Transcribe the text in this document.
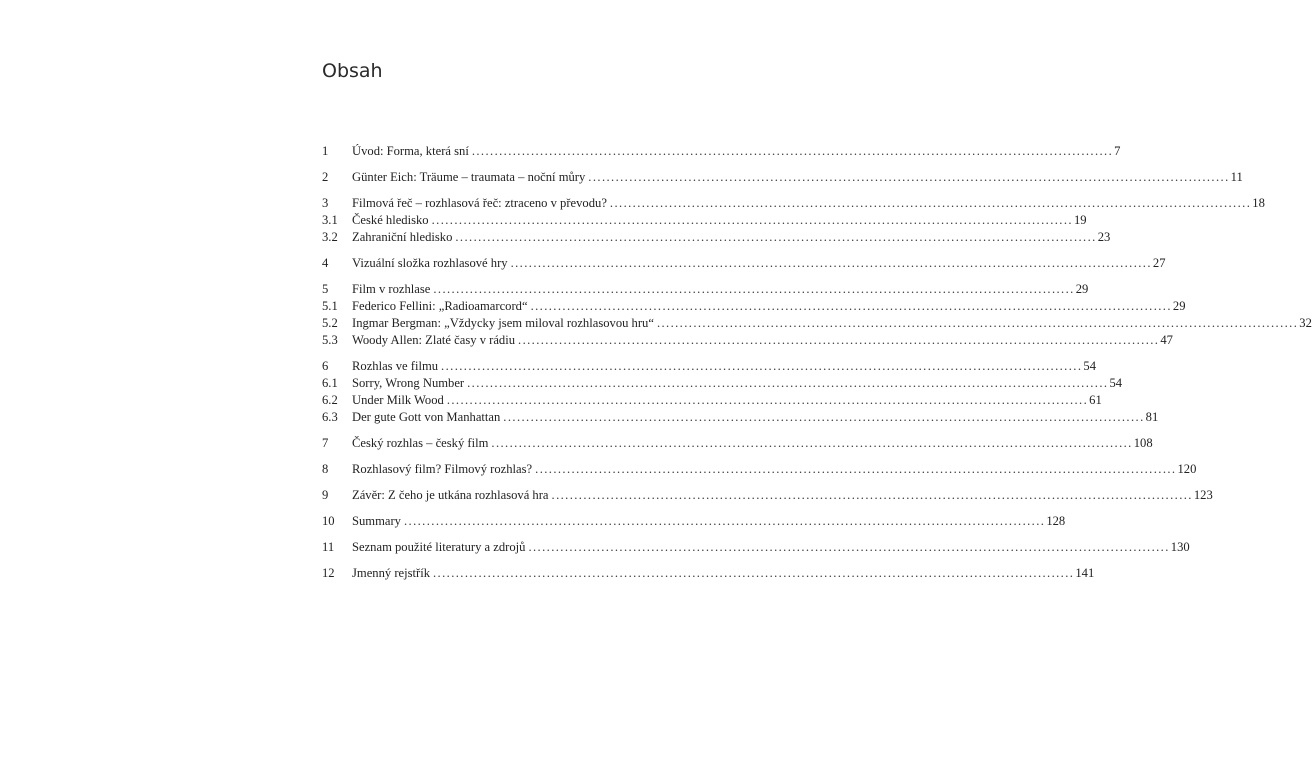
Obsah
1	Úvod: Forma, která sní ............................................................................................................................................. 7
2	Günter Eich: Träume – traumata – noční můry ............................................................................................................................................. 11
3	Filmová řeč – rozhlasová řeč: ztraceno v převodu? ............................................................................................................................................. 18
3.1	České hledisko ............................................................................................................................................. 19
3.2	Zahraniční hledisko ............................................................................................................................................. 23
4	Vizuální složka rozhlasové hry ............................................................................................................................................. 27
5	Film v rozhlase ............................................................................................................................................. 29
5.1	Federico Fellini: „Radioamarcord“ ............................................................................................................................................. 29
5.2	Ingmar Bergman: „Vždycky jsem miloval rozhlasovou hru“ ............................................................................................................................................. 32
5.3	Woody Allen: Zlaté časy v rádiu ............................................................................................................................................. 47
6	Rozhlas ve filmu ............................................................................................................................................. 54
6.1	Sorry, Wrong Number ............................................................................................................................................. 54
6.2	Under Milk Wood ............................................................................................................................................. 61
6.3	Der gute Gott von Manhattan ............................................................................................................................................. 81
7	Český rozhlas – český film ............................................................................................................................................. 108
8	Rozhlasový film? Filmový rozhlas? ............................................................................................................................................. 120
9	Závěr: Z čeho je utkána rozhlasová hra ............................................................................................................................................. 123
10	Summary ............................................................................................................................................. 128
11	Seznam použité literatury a zdrojů ............................................................................................................................................. 130
12	Jmenný rejstřík ............................................................................................................................................. 141
